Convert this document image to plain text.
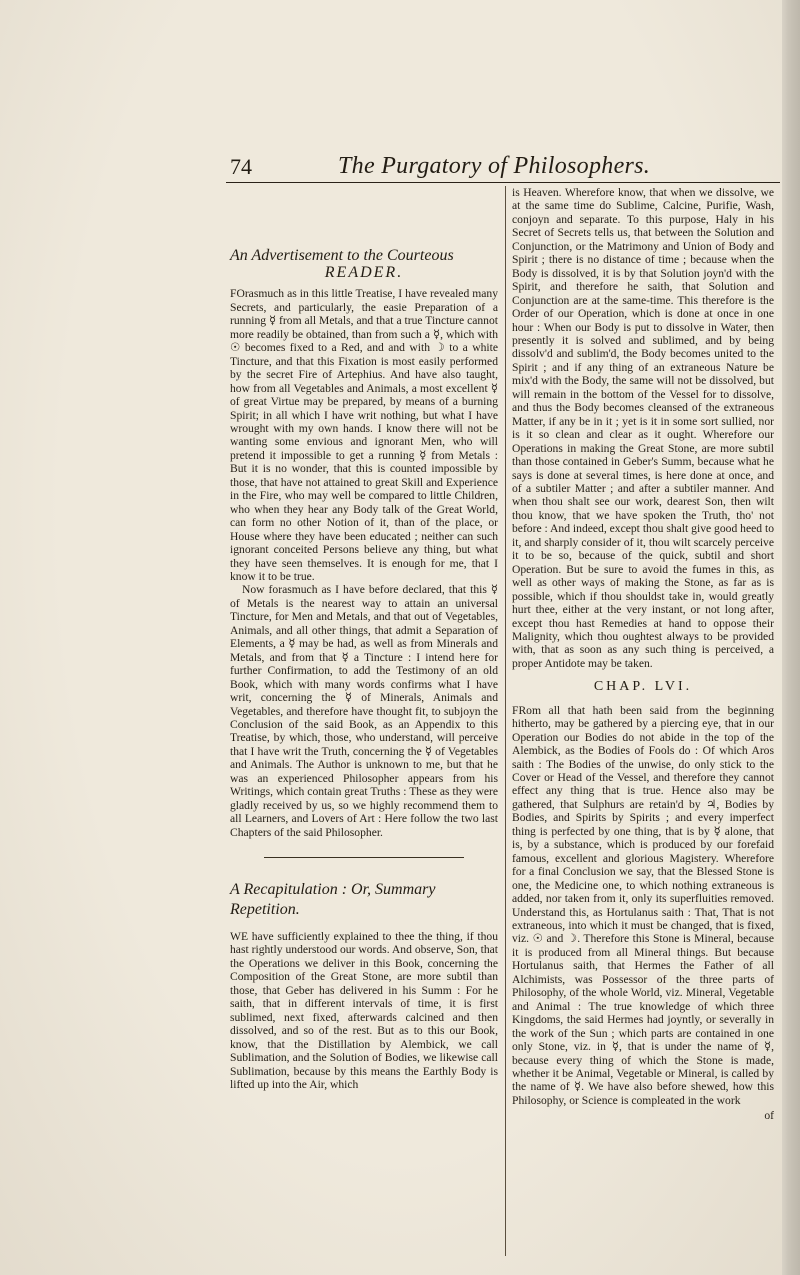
74	The Purgatory of Philosophers.

An Advertisement to the Courteous

READER.

FOrasmuch as in this little Treatise, I have revealed many Secrets, and particularly, the easie Preparation of a running ☿ from all Metals, and that a true Tincture cannot more readily be obtained, than from such a ☿, which with ☉ becomes fixed to a Red, and and with ☽ to a white Tincture, and that this Fixation is most easily performed by the secret Fire of Artephius. And have also taught, how from all Vegetables and Animals, a most excellent ☿ of great Virtue may be prepared, by means of a burning Spirit; in all which I have writ nothing, but what I have wrought with my own hands. I know there will not be wanting some envious and ignorant Men, who will pretend it impossible to get a running ☿ from Metals : But it is no wonder, that this is counted impossible by those, that have not attained to great Skill and Experience in the Fire, who may well be compared to little Children, who when they hear any Body talk of the Great World, can form no other Notion of it, than of the place, or House where they have been educated ; neither can such ignorant conceited Persons believe any thing, but what they have seen themselves. It is enough for me, that I know it to be true.

Now forasmuch as I have before declared, that this ☿ of Metals is the nearest way to attain an universal Tincture, for Men and Metals, and that out of Vegetables, Animals, and all other things, that admit a Separation of Elements, a ☿ may be had, as well as from Minerals and Metals, and from that ☿ a Tincture : I intend here for further Confirmation, to add the Testimony of an old Book, which with many words confirms what I have writ, concerning the ☿ of Minerals, Animals and Vegetables, and therefore have thought fit, to subjoyn the Conclusion of the said Book, as an Appendix to this Treatise, by which, those, who understand, will perceive that I have writ the Truth, concerning the ☿ of Vegetables and Animals. The Author is unknown to me, but that he was an experienced Philosopher appears from his Writings, which contain great Truths : These as they were gladly received by us, so we highly recommend them to all Learners, and Lovers of Art : Here follow the two last Chapters of the said Philosopher.

A Recapitulation : Or, Summary Repetition.

WE have sufficiently explained to thee the thing, if thou hast rightly understood our words. And observe, Son, that the Operations we deliver in this Book, concerning the Composition of the Great Stone, are more subtil than those, that Geber has delivered in his Summ : For he saith, that in different intervals of time, it is first sublimed, next fixed, afterwards calcined and then dissolved, and so of the rest. But as to this our Book, know, that the Distillation by Alembick, we call Sublimation, and the Solution of Bodies, we likewise call Sublimation, because by this means the Earthly Body is lifted up into the Air, which

is Heaven. Wherefore know, that when we dissolve, we at the same time do Sublime, Calcine, Purifie, Wash, conjoyn and separate. To this purpose, Haly in his Secret of Secrets tells us, that between the Solution and Conjunction, or the Matrimony and Union of Body and Spirit ; there is no distance of time ; because when the Body is dissolved, it is by that Solution joyn'd with the Spirit, and therefore he saith, that Solution and Conjunction are at the same-time. This therefore is the Order of our Operation, which is done at once in one hour : When our Body is put to dissolve in Water, then presently it is solved and sublimed, and by being dissolv'd and sublim'd, the Body becomes united to the Spirit ; and if any thing of an extraneous Nature be mix'd with the Body, the same will not be dissolved, but will remain in the bottom of the Vessel for to dissolve, and thus the Body becomes cleansed of the extraneous Matter, if any be in it ; yet is it in some sort sullied, nor is it so clean and clear as it ought. Wherefore our Operations in making the Great Stone, are more subtil than those contained in Geber's Summ, because what he says is done at several times, is here done at once, and of a subtiler Matter ; and after a subtiler manner. And when thou shalt see our work, dearest Son, then wilt thou know, that we have spoken the Truth, tho' not before : And indeed, except thou shalt give good heed to it, and sharply consider of it, thou wilt scarcely perceive it to be so, because of the quick, subtil and short Operation. But be sure to avoid the fumes in this, as well as other ways of making the Stone, as far as is possible, which if thou shouldst take in, would greatly hurt thee, either at the very instant, or not long after, except thou hast Remedies at hand to oppose their Malignity, which thou oughtest always to be provided with, that as soon as any such thing is perceived, a proper Antidote may be taken.

CHAP. LVI.

FRom all that hath been said from the beginning hitherto, may be gathered by a piercing eye, that in our Operation our Bodies do not abide in the top of the Alembick, as the Bodies of Fools do : Of which Aros saith : The Bodies of the unwise, do only stick to the Cover or Head of the Vessel, and therefore they cannot effect any thing that is true. Hence also may be gathered, that Sulphurs are retain'd by ♃, Bodies by Bodies, and Spirits by Spirits ; and every imperfect thing is perfected by one thing, that is by ☿ alone, that is, by a substance, which is produced by our forefaid famous, excellent and glorious Magistery. Wherefore for a final Conclusion we say, that the Blessed Stone is one, the Medicine one, to which nothing extraneous is added, nor taken from it, only its superfluities removed. Understand this, as Hortulanus saith : That, That is not extraneous, into which it must be changed, that is fixed, viz. ☉ and ☽. Therefore this Stone is Mineral, because it is produced from all Mineral things. But because Hortulanus saith, that Hermes the Father of all Alchimists, was Possessor of the three parts of Philosophy, of the whole World, viz. Mineral, Vegetable and Animal : The true knowledge of which three Kingdoms, the said Hermes had joyntly, or severally in the work of the Sun ; which parts are contained in one only Stone, viz. in ☿, that is under the name of ☿, because every thing of which the Stone is made, whether it be Animal, Vegetable or Mineral, is called by the name of ☿. We have also before shewed, how this Philosophy, or Science is compleated in the work

of
